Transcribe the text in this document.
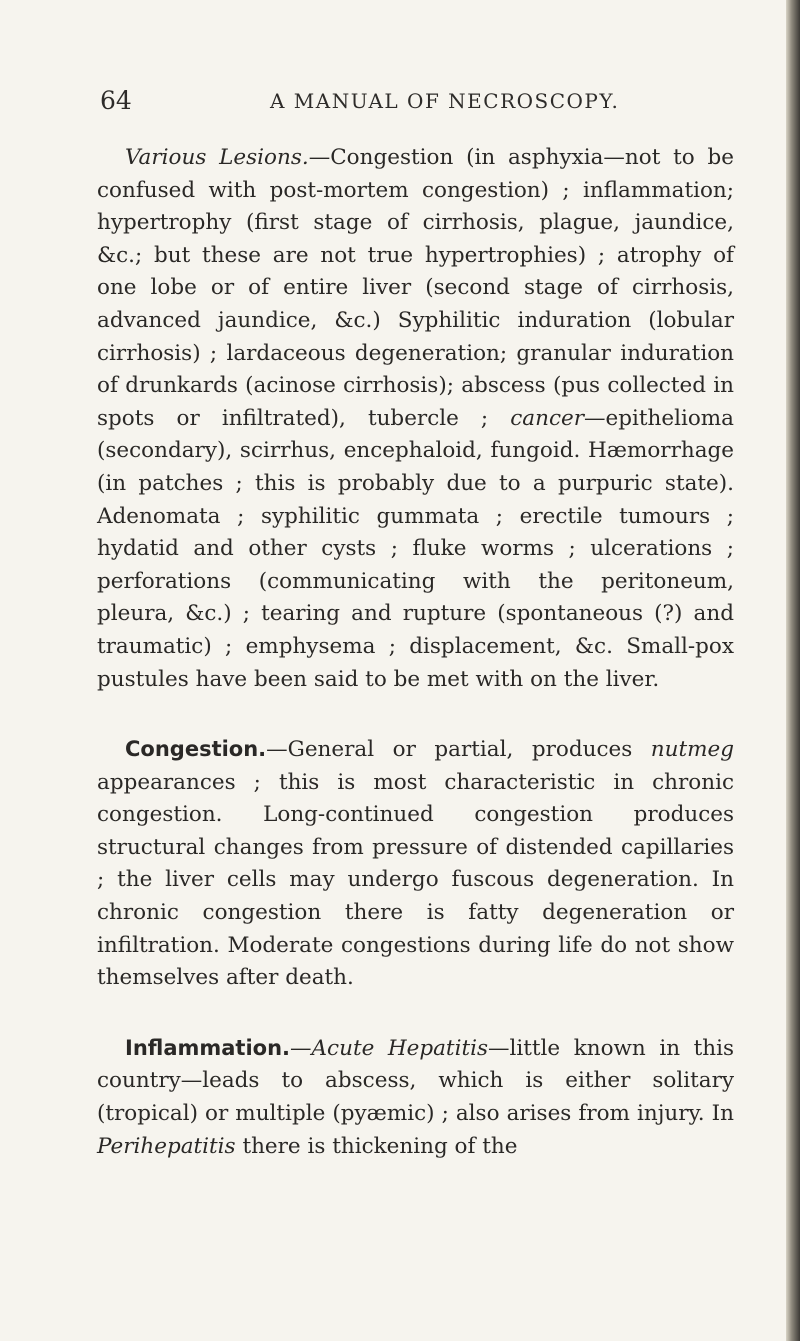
64	A MANUAL OF NECROSCOPY.

Various Lesions.—Congestion (in asphyxia—not to be confused with post-mortem congestion) ; inflammation; hypertrophy (first stage of cirrhosis, plague, jaundice, &c.; but these are not true hypertrophies) ; atrophy of one lobe or of entire liver (second stage of cirrhosis, advanced jaundice, &c.) Syphilitic induration (lobular cirrhosis) ; lardaceous degeneration; granular induration of drunkards (acinose cirrhosis); abscess (pus collected in spots or infiltrated), tubercle ; cancer—epithelioma (secondary), scirrhus, encephaloid, fungoid. Hæmorrhage (in patches ; this is probably due to a purpuric state). Adenomata ; syphilitic gummata ; erectile tumours ; hydatid and other cysts ; fluke worms ; ulcerations ; perforations (communicating with the peritoneum, pleura, &c.) ; tearing and rupture (spontaneous (?) and traumatic) ; emphysema ; displacement, &c. Small-pox pustules have been said to be met with on the liver.

Congestion.—General or partial, produces nutmeg appearances ; this is most characteristic in chronic congestion. Long-continued congestion produces structural changes from pressure of distended capillaries ; the liver cells may undergo fuscous degeneration. In chronic congestion there is fatty degeneration or infiltration. Moderate congestions during life do not show themselves after death.

Inflammation.—Acute Hepatitis—little known in this country—leads to abscess, which is either solitary (tropical) or multiple (pyæmic) ; also arises from injury. In Perihepatitis there is thickening of the
